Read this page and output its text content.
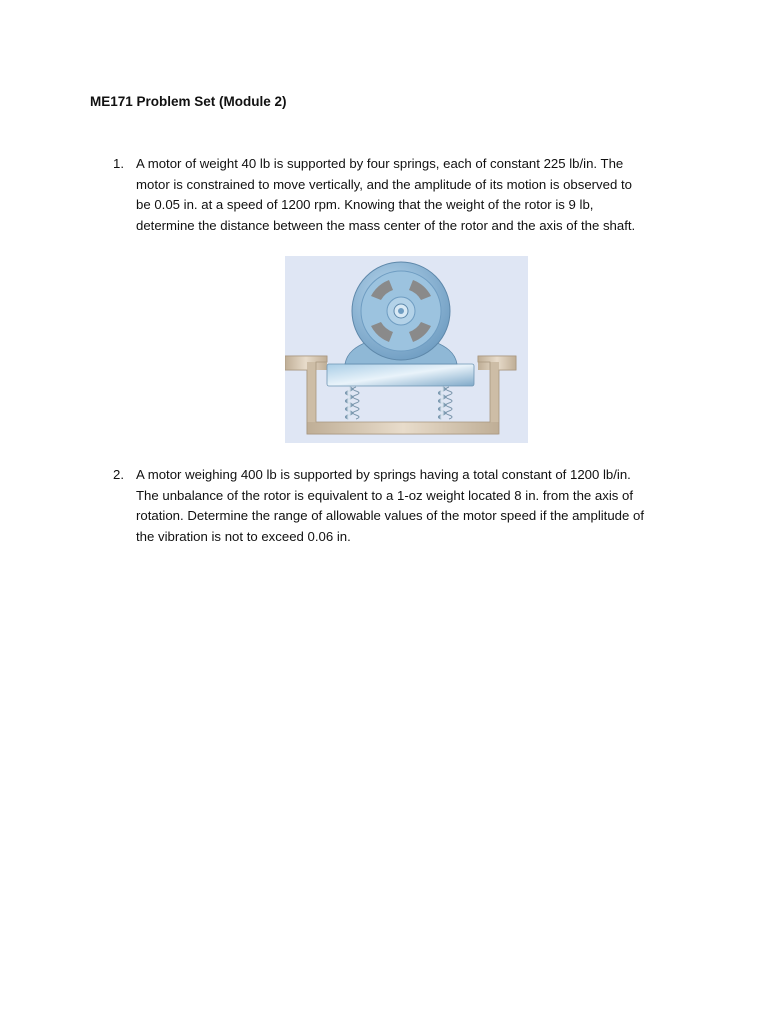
ME171 Problem Set (Module 2)
1. A motor of weight 40 lb is supported by four springs, each of constant 225 lb/in. The
motor is constrained to move vertically, and the amplitude of its motion is observed to
be 0.05 in. at a speed of 1200 rpm. Knowing that the weight of the rotor is 9 lb,
determine the distance between the mass center of the rotor and the axis of the shaft.
2. A motor weighing 400 lb is supported by springs having a total constant of 1200 lb/in.
The unbalance of the rotor is equivalent to a 1-oz weight located 8 in. from the axis of
rotation. Determine the range of allowable values of the motor speed if the amplitude of
the vibration is not to exceed 0.06 in.
